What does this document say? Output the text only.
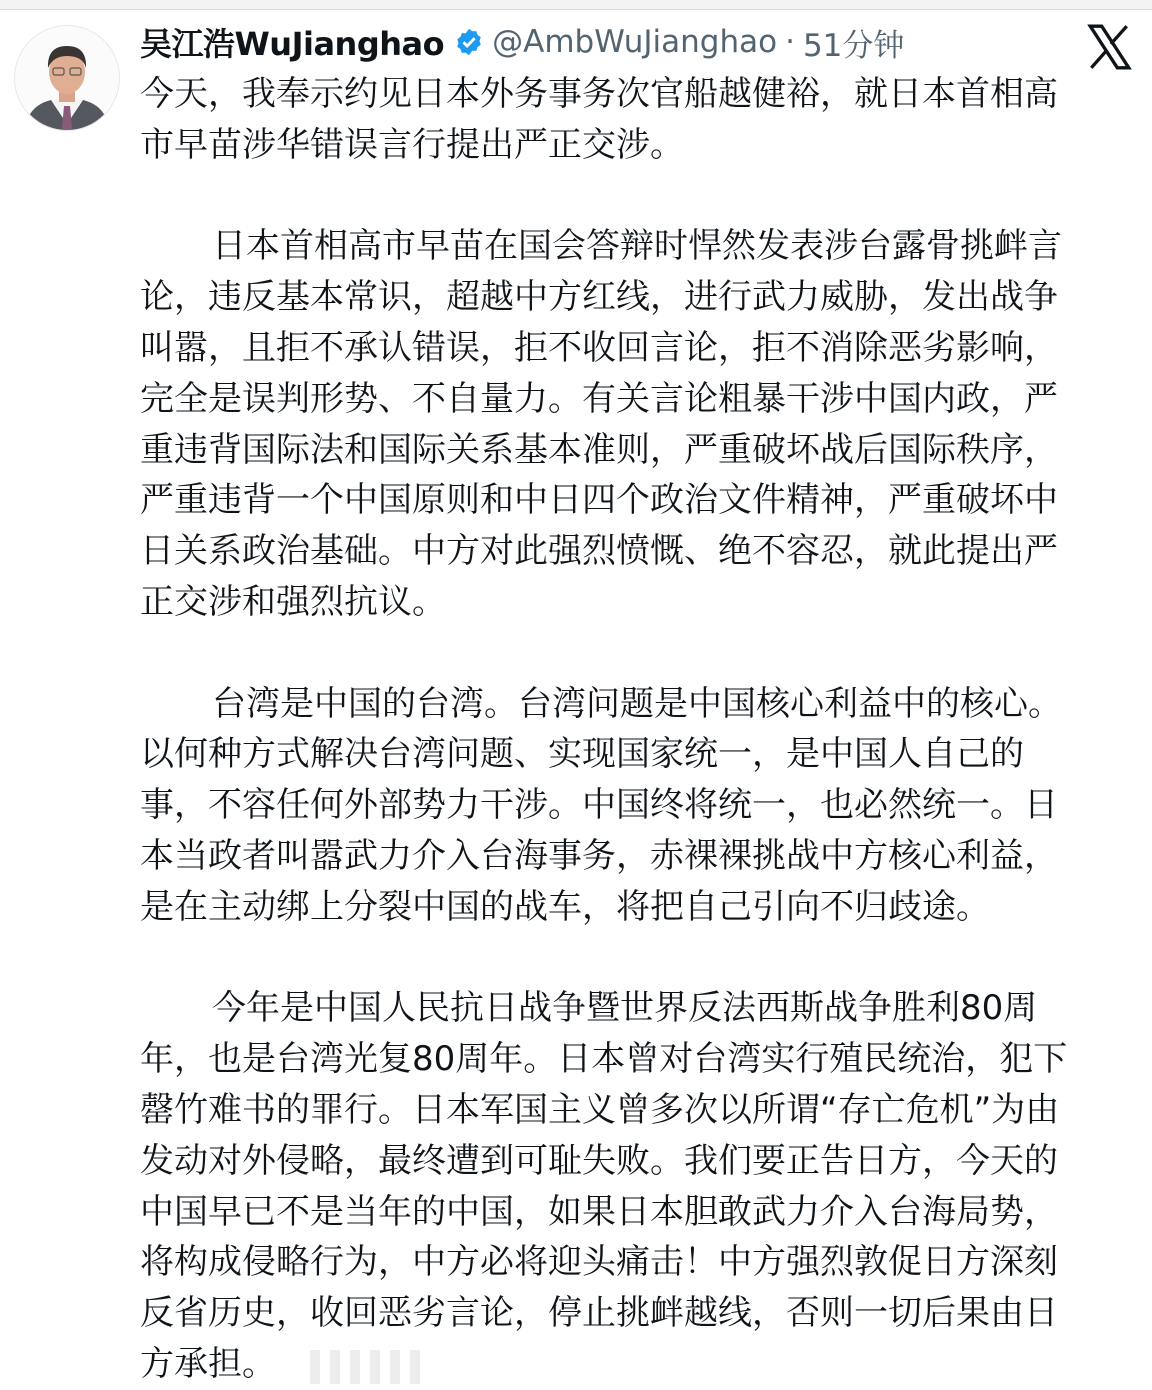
吴江浩WuJianghao @AmbWuJianghao · 51分钟
今天，我奉示约见日本外务事务次官船越健裕，就日本首相高
市早苗涉华错误言行提出严正交涉。
日本首相高市早苗在国会答辩时悍然发表涉台露骨挑衅言
论，违反基本常识，超越中方红线，进行武力威胁，发出战争
叫嚣，且拒不承认错误，拒不收回言论，拒不消除恶劣影响，
完全是误判形势、不自量力。有关言论粗暴干涉中国内政，严
重违背国际法和国际关系基本准则，严重破坏战后国际秩序，
严重违背一个中国原则和中日四个政治文件精神，严重破坏中
日关系政治基础。中方对此强烈愤慨、绝不容忍，就此提出严
正交涉和强烈抗议。
台湾是中国的台湾。台湾问题是中国核心利益中的核心。
以何种方式解决台湾问题、实现国家统一，是中国人自己的
事，不容任何外部势力干涉。中国终将统一，也必然统一。日
本当政者叫嚣武力介入台海事务，赤裸裸挑战中方核心利益，
是在主动绑上分裂中国的战车，将把自己引向不归歧途。
今年是中国人民抗日战争暨世界反法西斯战争胜利80周
年，也是台湾光复80周年。日本曾对台湾实行殖民统治，犯下
罄竹难书的罪行。日本军国主义曾多次以所谓“存亡危机”为由
发动对外侵略，最终遭到可耻失败。我们要正告日方，今天的
中国早已不是当年的中国，如果日本胆敢武力介入台海局势，
将构成侵略行为，中方必将迎头痛击！中方强烈敦促日方深刻
反省历史，收回恶劣言论，停止挑衅越线，否则一切后果由日
方承担。
